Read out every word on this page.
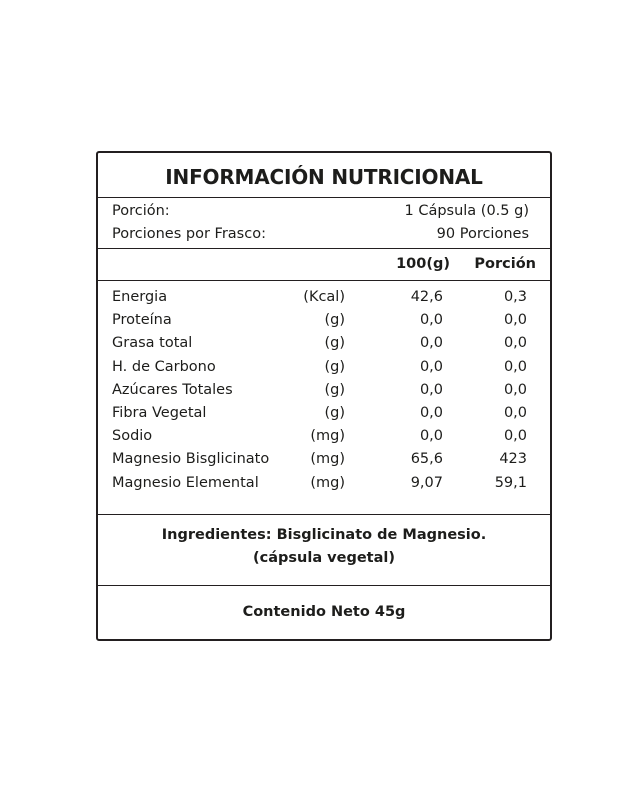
INFORMACIÓN NUTRICIONAL
Porción:	1 Cápsula (0.5 g)
Porciones por Frasco:	90 Porciones
100(g) Porción
Energia	(Kcal)	42,6	0,3
Proteína	(g)	0,0	0,0
Grasa total	(g)	0,0	0,0
H. de Carbono	(g)	0,0	0,0
Azúcares Totales	(g)	0,0	0,0
Fibra Vegetal	(g)	0,0	0,0
Sodio	(mg)	0,0	0,0
Magnesio Bisglicinato	(mg)	65,6	423
Magnesio Elemental	(mg)	9,07	59,1
Ingredientes: Bisglicinato de Magnesio.
(cápsula vegetal)
Contenido Neto 45g
